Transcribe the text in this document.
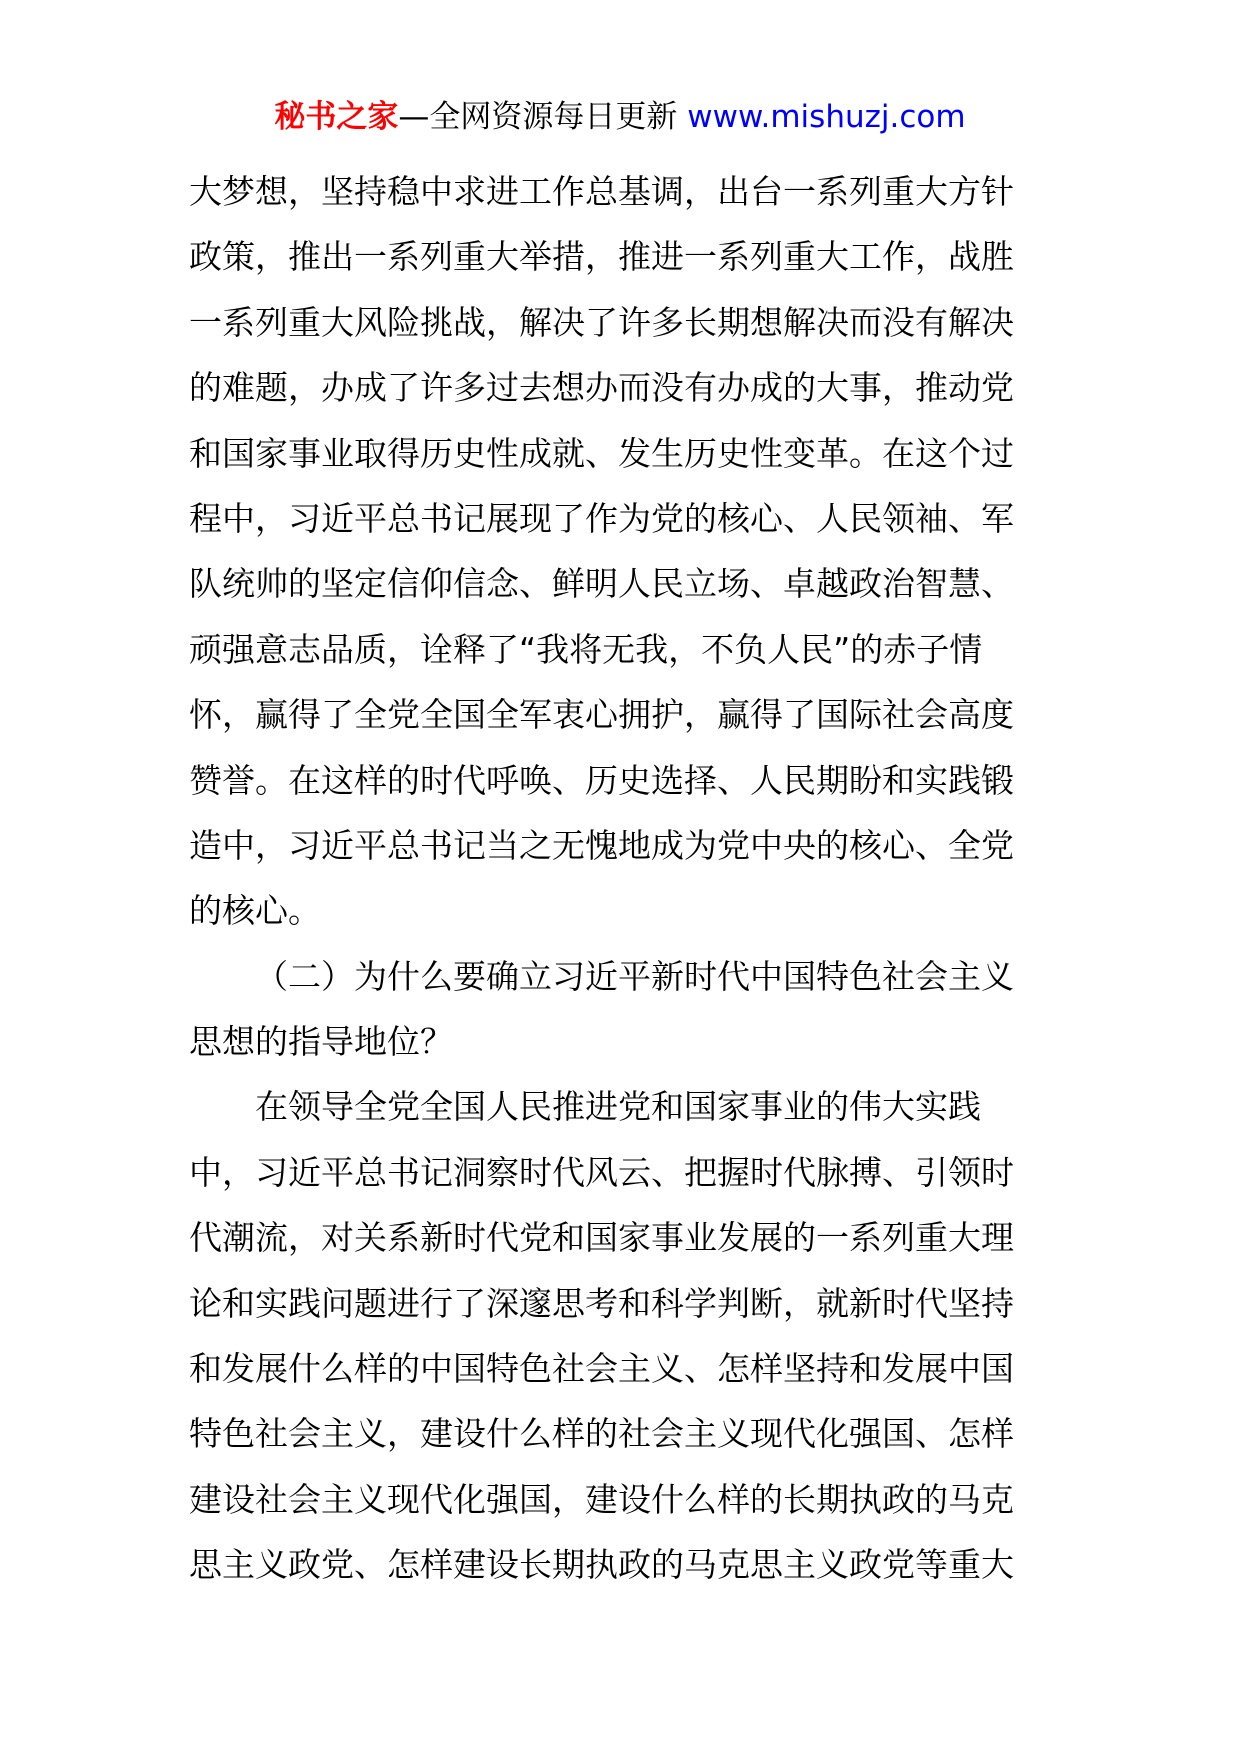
秘书之家—全网资源每日更新 www.mishuzj.com
大梦想，坚持稳中求进工作总基调，出台一系列重大方针
政策，推出一系列重大举措，推进一系列重大工作，战胜
一系列重大风险挑战，解决了许多长期想解决而没有解决
的难题，办成了许多过去想办而没有办成的大事，推动党
和国家事业取得历史性成就、发生历史性变革。在这个过
程中，习近平总书记展现了作为党的核心、人民领袖、军
队统帅的坚定信仰信念、鲜明人民立场、卓越政治智慧、
顽强意志品质，诠释了“我将无我，不负人民”的赤子情
怀，赢得了全党全国全军衷心拥护，赢得了国际社会高度
赞誉。在这样的时代呼唤、历史选择、人民期盼和实践锻
造中，习近平总书记当之无愧地成为党中央的核心、全党
的核心。
（二）为什么要确立习近平新时代中国特色社会主义
思想的指导地位？
在领导全党全国人民推进党和国家事业的伟大实践
中，习近平总书记洞察时代风云、把握时代脉搏、引领时
代潮流，对关系新时代党和国家事业发展的一系列重大理
论和实践问题进行了深邃思考和科学判断，就新时代坚持
和发展什么样的中国特色社会主义、怎样坚持和发展中国
特色社会主义，建设什么样的社会主义现代化强国、怎样
建设社会主义现代化强国，建设什么样的长期执政的马克
思主义政党、怎样建设长期执政的马克思主义政党等重大
